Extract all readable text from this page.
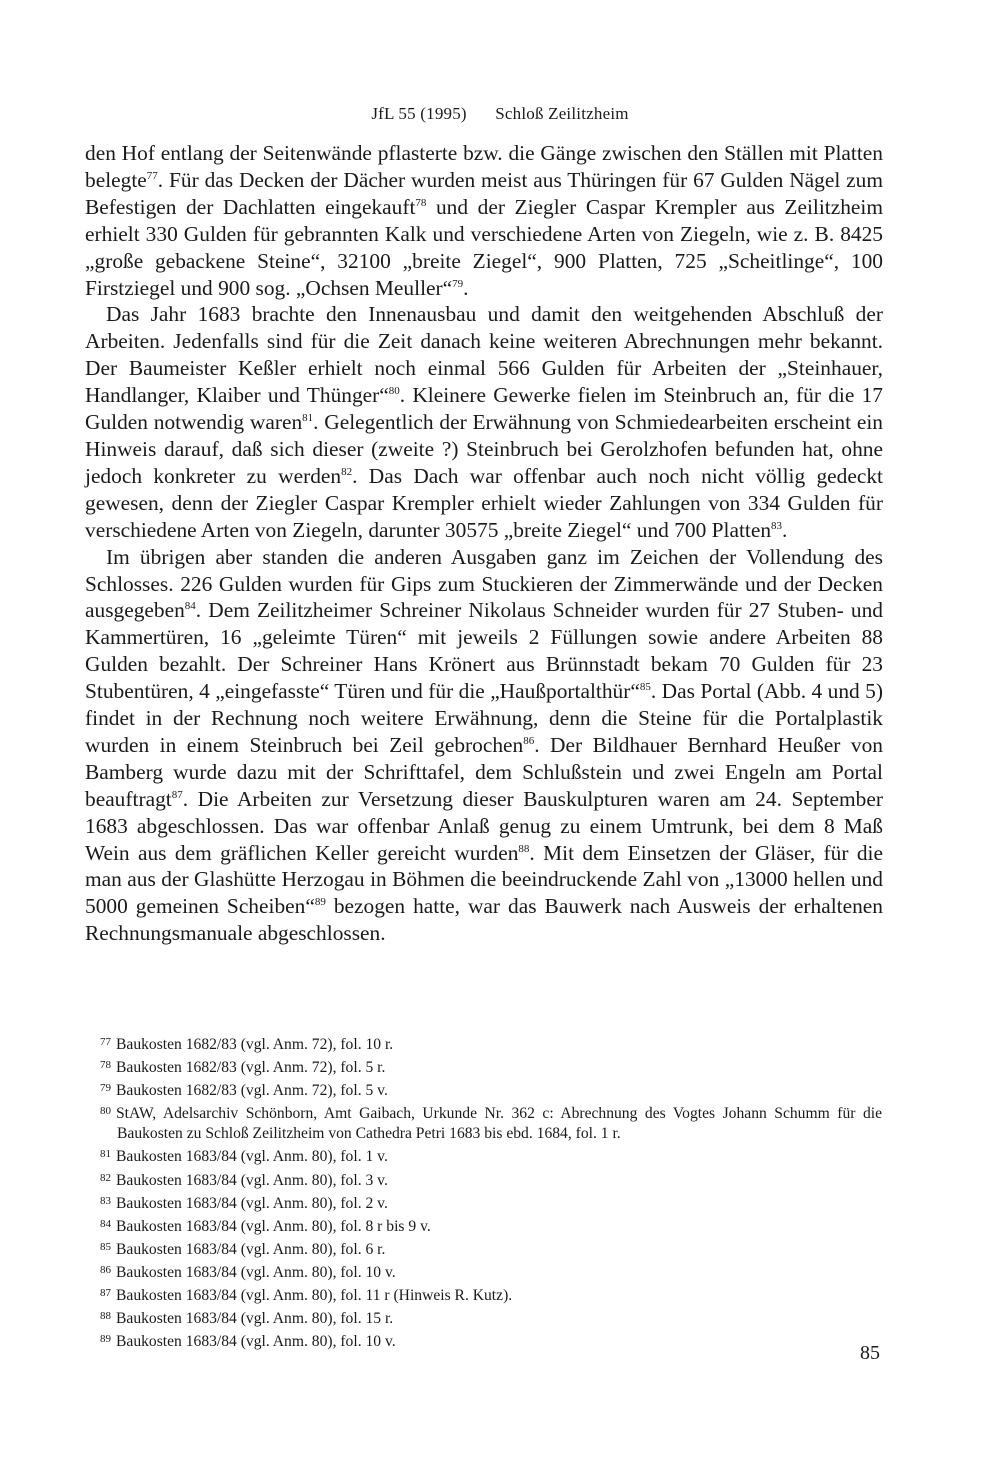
JfL 55 (1995) Schloß Zeilitzheim

den Hof entlang der Seitenwände pflasterte bzw. die Gänge zwischen den Ställen mit Platten belegte$^{77}$. Für das Decken der Dächer wurden meist aus Thüringen für 67 Gulden Nägel zum Befestigen der Dachlatten eingekauft$^{78}$ und der Ziegler Caspar Krempler aus Zeilitzheim erhielt 330 Gulden für gebrannten Kalk und verschiedene Arten von Ziegeln, wie z. B. 8425 „große gebackene Steine“, 32100 „breite Ziegel“, 900 Platten, 725 „Scheitlinge“, 100 Firstziegel und 900 sog. „Ochsen Meuller“$^{79}$.

Das Jahr 1683 brachte den Innenausbau und damit den weitgehenden Abschluß der Arbeiten. Jedenfalls sind für die Zeit danach keine weiteren Abrechnungen mehr bekannt. Der Baumeister Keßler erhielt noch einmal 566 Gulden für Arbeiten der „Steinhauer, Handlanger, Klaiber und Thünger“$^{80}$. Kleinere Gewerke fielen im Steinbruch an, für die 17 Gulden notwendig waren$^{81}$. Gelegentlich der Erwähnung von Schmiedearbeiten erscheint ein Hinweis darauf, daß sich dieser (zweite ?) Steinbruch bei Gerolzhofen befunden hat, ohne jedoch konkreter zu werden$^{82}$. Das Dach war offenbar auch noch nicht völlig gedeckt gewesen, denn der Ziegler Caspar Krempler erhielt wieder Zahlungen von 334 Gulden für verschiedene Arten von Ziegeln, darunter 30575 „breite Ziegel“ und 700 Platten$^{83}$.

Im übrigen aber standen die anderen Ausgaben ganz im Zeichen der Vollendung des Schlosses. 226 Gulden wurden für Gips zum Stuckieren der Zimmerwände und der Decken ausgegeben$^{84}$. Dem Zeilitzheimer Schreiner Nikolaus Schneider wurden für 27 Stuben- und Kammertüren, 16 „geleimte Türen“ mit jeweils 2 Füllungen sowie andere Arbeiten 88 Gulden bezahlt. Der Schreiner Hans Krönert aus Brünnstadt bekam 70 Gulden für 23 Stubentüren, 4 „eingefasste“ Türen und für die „Haußportalthür“$^{85}$. Das Portal (Abb. 4 und 5) findet in der Rechnung noch weitere Erwähnung, denn die Steine für die Portalplastik wurden in einem Steinbruch bei Zeil gebrochen$^{86}$. Der Bildhauer Bernhard Heußer von Bamberg wurde dazu mit der Schrifttafel, dem Schlußstein und zwei Engeln am Portal beauftragt$^{87}$. Die Arbeiten zur Versetzung dieser Bauskulpturen waren am 24. September 1683 abgeschlossen. Das war offenbar Anlaß genug zu einem Umtrunk, bei dem 8 Maß Wein aus dem gräflichen Keller gereicht wurden$^{88}$. Mit dem Einsetzen der Gläser, für die man aus der Glashütte Herzogau in Böhmen die beeindruckende Zahl von „13000 hellen und 5000 gemeinen Scheiben“$^{89}$ bezogen hatte, war das Bauwerk nach Ausweis der erhaltenen Rechnungsmanuale abgeschlossen.

$^{77}$ Baukosten 1682/83 (vgl. Anm. 72), fol. 10 r.

$^{78}$ Baukosten 1682/83 (vgl. Anm. 72), fol. 5 r.

$^{79}$ Baukosten 1682/83 (vgl. Anm. 72), fol. 5 v.

$^{80}$ StAW, Adelsarchiv Schönborn, Amt Gaibach, Urkunde Nr. 362 c: Abrechnung des Vogtes Johann Schumm für die Baukosten zu Schloß Zeilitzheim von Cathedra Petri 1683 bis ebd. 1684, fol. 1 r.

$^{81}$ Baukosten 1683/84 (vgl. Anm. 80), fol. 1 v.

$^{82}$ Baukosten 1683/84 (vgl. Anm. 80), fol. 3 v.

$^{83}$ Baukosten 1683/84 (vgl. Anm. 80), fol. 2 v.

$^{84}$ Baukosten 1683/84 (vgl. Anm. 80), fol. 8 r bis 9 v.

$^{85}$ Baukosten 1683/84 (vgl. Anm. 80), fol. 6 r.

$^{86}$ Baukosten 1683/84 (vgl. Anm. 80), fol. 10 v.

$^{87}$ Baukosten 1683/84 (vgl. Anm. 80), fol. 11 r (Hinweis R. Kutz).

$^{88}$ Baukosten 1683/84 (vgl. Anm. 80), fol. 15 r.

$^{89}$ Baukosten 1683/84 (vgl. Anm. 80), fol. 10 v.

85
